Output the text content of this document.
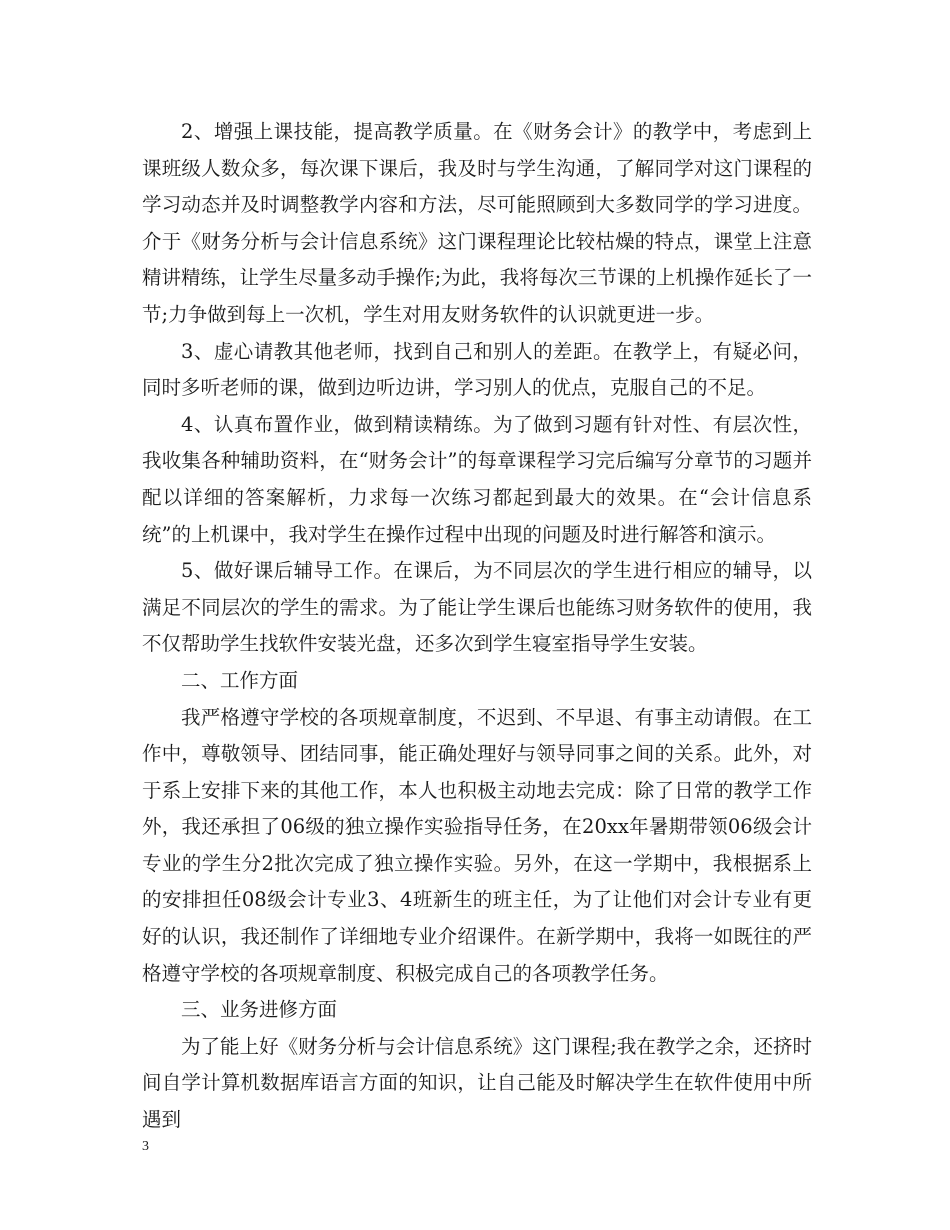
2、增强上课技能，提高教学质量。在《财务会计》的教学中，考虑到上课班级人数众多，每次课下课后，我及时与学生沟通，了解同学对这门课程的学习动态并及时调整教学内容和方法，尽可能照顾到大多数同学的学习进度。介于《财务分析与会计信息系统》这门课程理论比较枯燥的特点，课堂上注意精讲精练，让学生尽量多动手操作;为此，我将每次三节课的上机操作延长了一节;力争做到每上一次机，学生对用友财务软件的认识就更进一步。

3、虚心请教其他老师，找到自己和别人的差距。在教学上，有疑必问，同时多听老师的课，做到边听边讲，学习别人的优点，克服自己的不足。

4、认真布置作业，做到精读精练。为了做到习题有针对性、有层次性，我收集各种辅助资料，在“财务会计”的每章课程学习完后编写分章节的习题并配以详细的答案解析，力求每一次练习都起到最大的效果。在“会计信息系统”的上机课中，我对学生在操作过程中出现的问题及时进行解答和演示。

5、做好课后辅导工作。在课后，为不同层次的学生进行相应的辅导，以满足不同层次的学生的需求。为了能让学生课后也能练习财务软件的使用，我不仅帮助学生找软件安装光盘，还多次到学生寝室指导学生安装。

二、工作方面

我严格遵守学校的各项规章制度，不迟到、不早退、有事主动请假。在工作中，尊敬领导、团结同事，能正确处理好与领导同事之间的关系。此外，对于系上安排下来的其他工作，本人也积极主动地去完成：除了日常的教学工作外，我还承担了06级的独立操作实验指导任务，在20xx年暑期带领06级会计专业的学生分2批次完成了独立操作实验。另外，在这一学期中，我根据系上的安排担任08级会计专业3、4班新生的班主任，为了让他们对会计专业有更好的认识，我还制作了详细地专业介绍课件。在新学期中，我将一如既往的严格遵守学校的各项规章制度、积极完成自己的各项教学任务。

三、业务进修方面

为了能上好《财务分析与会计信息系统》这门课程;我在教学之余，还挤时间自学计算机数据库语言方面的知识，让自己能及时解决学生在软件使用中所遇到

3
